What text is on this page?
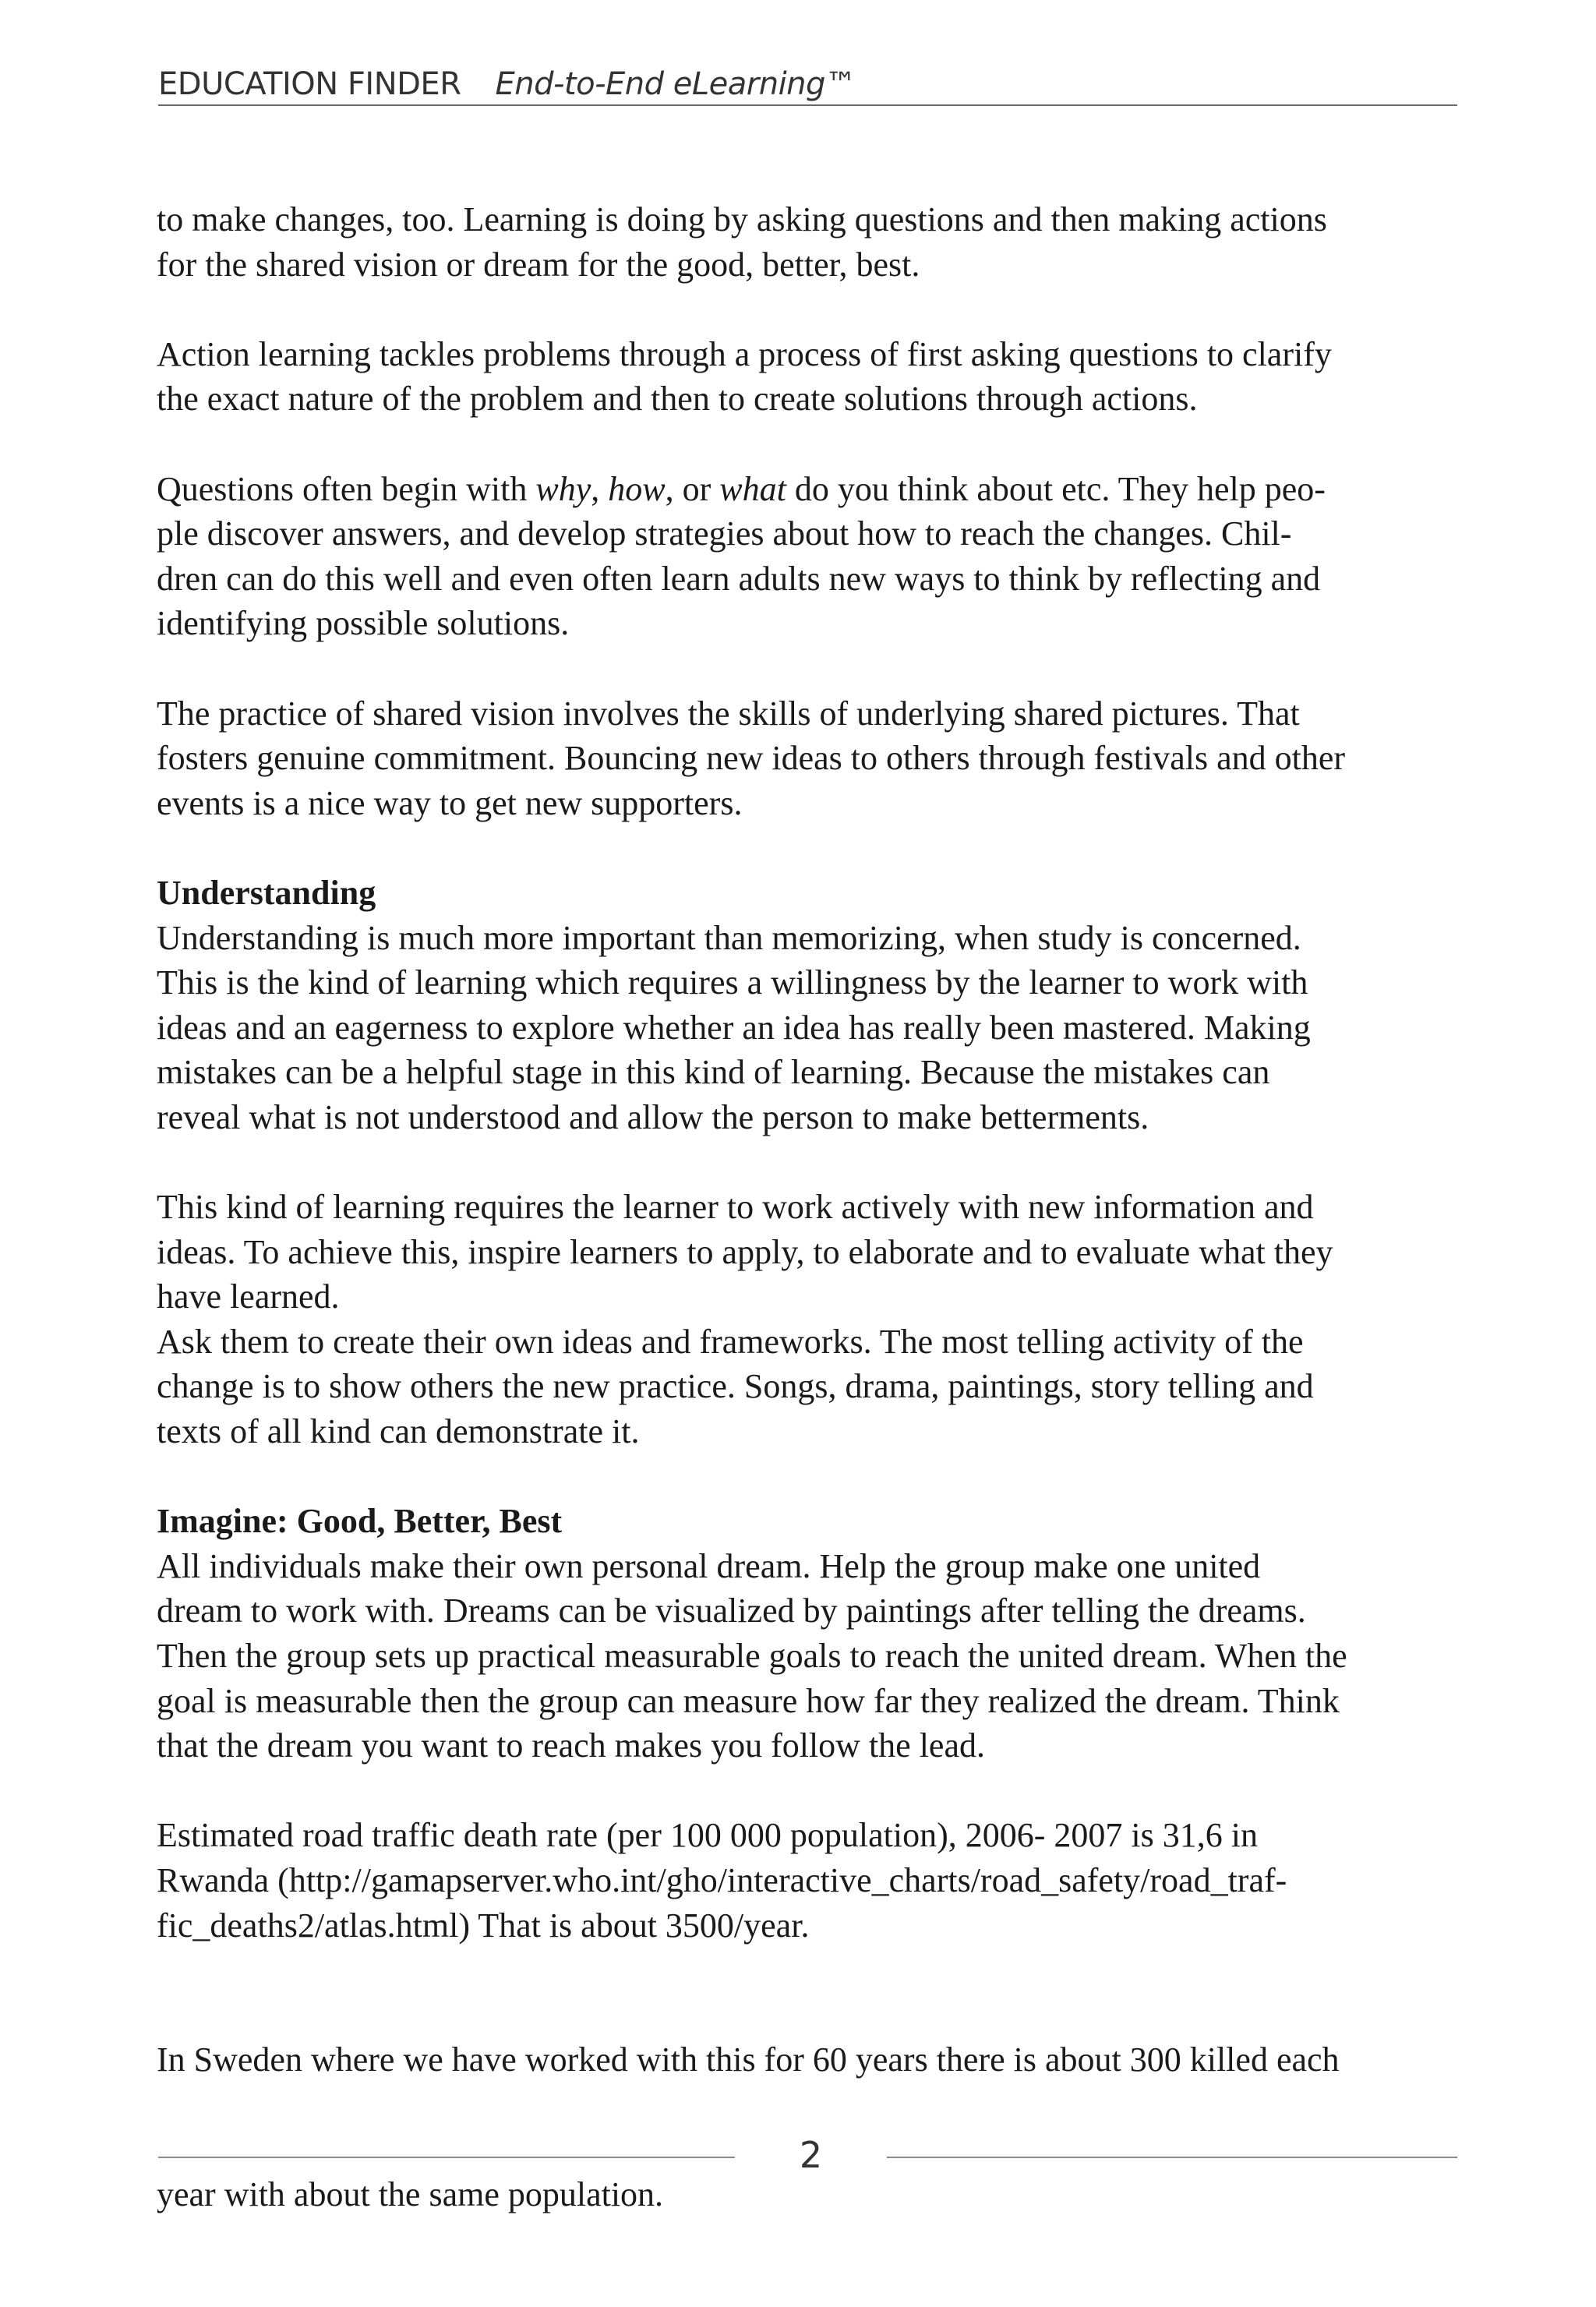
EDUCATION FINDER End-to-End eLearning™

to make changes, too. Learning is doing by asking questions and then making actions
for the shared vision or dream for the good, better, best.

Action learning tackles problems through a process of first asking questions to clarify
the exact nature of the problem and then to create solutions through actions.

Questions often begin with why, how, or what do you think about etc. They help peo-
ple discover answers, and develop strategies about how to reach the changes. Chil-
dren can do this well and even often learn adults new ways to think by reflecting and
identifying possible solutions.

The practice of shared vision involves the skills of underlying shared pictures. That
fosters genuine commitment. Bouncing new ideas to others through festivals and other
events is a nice way to get new supporters.

Understanding

Understanding is much more important than memorizing, when study is concerned.
This is the kind of learning which requires a willingness by the learner to work with
ideas and an eagerness to explore whether an idea has really been mastered. Making
mistakes can be a helpful stage in this kind of learning. Because the mistakes can
reveal what is not understood and allow the person to make betterments.

This kind of learning requires the learner to work actively with new information and
ideas. To achieve this, inspire learners to apply, to elaborate and to evaluate what they
have learned.

Ask them to create their own ideas and frameworks. The most telling activity of the
change is to show others the new practice. Songs, drama, paintings, story telling and
texts of all kind can demonstrate it.

Imagine: Good, Better, Best

All individuals make their own personal dream. Help the group make one united
dream to work with. Dreams can be visualized by paintings after telling the dreams.
Then the group sets up practical measurable goals to reach the united dream. When the
goal is measurable then the group can measure how far they realized the dream. Think
that the dream you want to reach makes you follow the lead.

Estimated road traffic death rate (per 100 000 population), 2006- 2007 is 31,6 in
Rwanda (http://gamapserver.who.int/gho/interactive_charts/road_safety/road_traf-
fic_deaths2/atlas.html) That is about 3500/year.

In Sweden where we have worked with this for 60 years there is about 300 killed each

year with about the same population.

2
